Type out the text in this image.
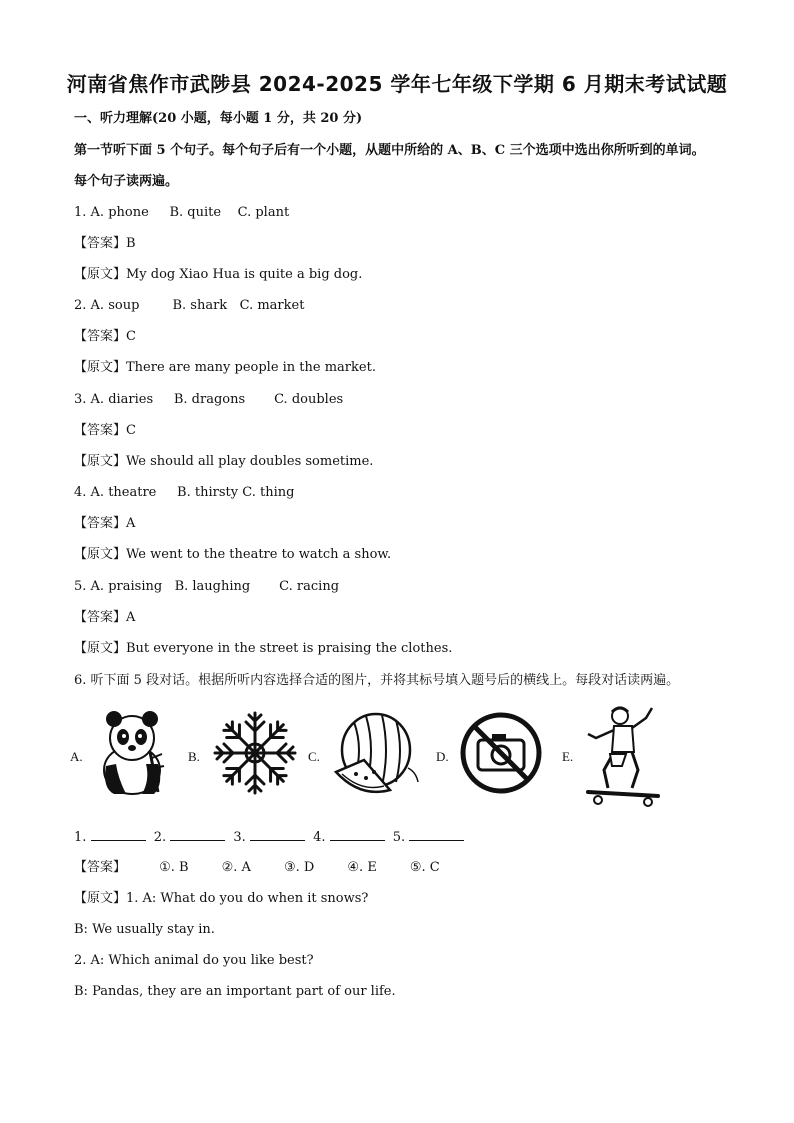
河南省焦作市武陟县 2024-2025 学年七年级下学期 6 月期末考试试题
一、听力理解(20 小题，每小题 1 分，共 20 分)
第一节听下面 5 个句子。每个句子后有一个小题，从题中所给的 A、B、C 三个选项中选出你所听到的单词。
每个句子读两遍。
1. A. phone B. quite C. plant
【答案】B
【原文】My dog Xiao Hua is quite a big dog.
2. A. soup	B. shark C. market
【答案】C
【原文】There are many people in the market.
3. A. diaries B. dragons C. doubles
【答案】C
【原文】We should all play doubles sometime.
4. A. theatre B. thirsty C. thing
【答案】A
【原文】We went to the theatre to watch a show.
5. A. praising B. laughing C. racing
【答案】A
【原文】But everyone in the street is praising the clothes.
6. 听下面 5 段对话。根据所听内容选择合适的图片，并将其标号填入题号后的横线上。每段对话读两遍。
A.	B.	C.	D.	E.
1.	2.	3.	4.	5.
【答案】	①. B	②. A	③. D	④. E	⑤. C
【原文】1. A: What do you do when it snows?
B: We usually stay in.
2. A: Which animal do you like best?
B: Pandas, they are an important part of our life.
